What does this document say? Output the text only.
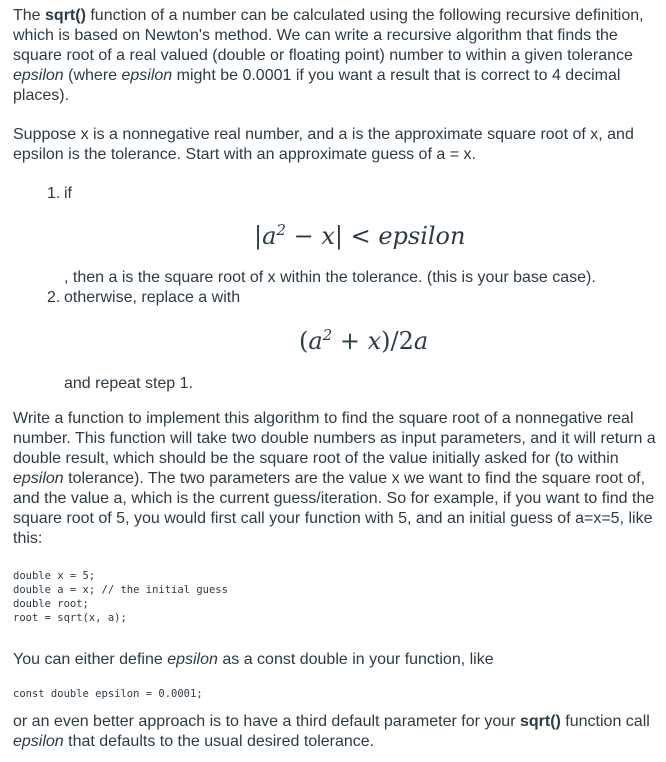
The sqrt() function of a number can be calculated using the following recursive definition, which is based on Newton's method. We can write a recursive algorithm that finds the square root of a real valued (double or floating point) number to within a given tolerance epsilon (where epsilon might be 0.0001 if you want a result that is correct to 4 decimal places).

Suppose x is a nonnegative real number, and a is the approximate square root of x, and epsilon is the tolerance. Start with an approximate guess of a = x.

1. if
$|a^2 - x|$ < epsilon
, then a is the square root of x within the tolerance. (this is your base case).
2. otherwise, replace a with
$(a^2 + x)/2a$
and repeat step 1.

Write a function to implement this algorithm to find the square root of a nonnegative real number. This function will take two double numbers as input parameters, and it will return a double result, which should be the square root of the value initially asked for (to within epsilon tolerance). The two parameters are the value x we want to find the square root of, and the value a, which is the current guess/iteration. So for example, if you want to find the square root of 5, you would first call your function with 5, and an initial guess of a=x=5, like this:

double x = 5;
double a = x; // the initial guess
double root;
root = sqrt(x, a);

You can either define epsilon as a const double in your function, like

const double epsilon = 0.0001;

or an even better approach is to have a third default parameter for your sqrt() function call epsilon that defaults to the usual desired tolerance.
